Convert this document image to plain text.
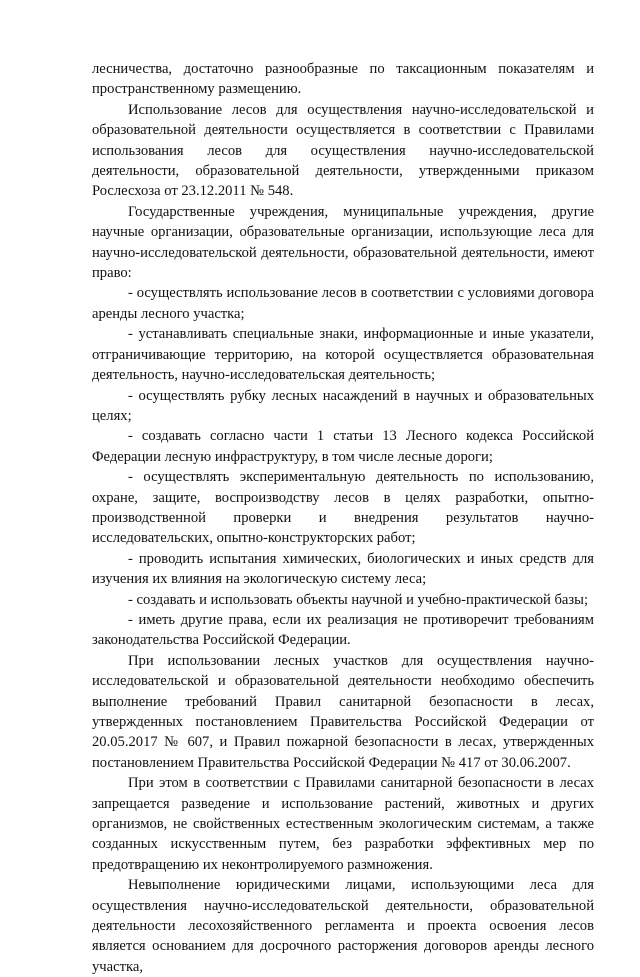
лесничества, достаточно разнообразные по таксационным показателям и пространственному размещению.

Использование лесов для осуществления научно-исследовательской и образовательной деятельности осуществляется в соответствии с Правилами использования лесов для осуществления научно-исследовательской деятельности, образовательной деятельности, утвержденными приказом Рослесхоза от 23.12.2011 № 548.

Государственные учреждения, муниципальные учреждения, другие научные организации, образовательные организации, использующие леса для научно-исследовательской деятельности, образовательной деятельности, имеют право:

- осуществлять использование лесов в соответствии с условиями договора аренды лесного участка;

- устанавливать специальные знаки, информационные и иные указатели, отграничивающие территорию, на которой осуществляется образовательная деятельность, научно-исследовательская деятельность;

- осуществлять рубку лесных насаждений в научных и образовательных целях;

- создавать согласно части 1 статьи 13 Лесного кодекса Российской Федерации лесную инфраструктуру, в том числе лесные дороги;

- осуществлять экспериментальную деятельность по использованию, охране, защите, воспроизводству лесов в целях разработки, опытно-производственной проверки и внедрения результатов научно-исследовательских, опытно-конструкторских работ;

- проводить испытания химических, биологических и иных средств для изучения их влияния на экологическую систему леса;

- создавать и использовать объекты научной и учебно-практической базы;

- иметь другие права, если их реализация не противоречит требованиям законодательства Российской Федерации.

При использовании лесных участков для осуществления научно-исследовательской и образовательной деятельности необходимо обеспечить выполнение требований Правил санитарной безопасности в лесах, утвержденных постановлением Правительства Российской Федерации от 20.05.2017 № 607, и Правил пожарной безопасности в лесах, утвержденных постановлением Правительства Российской Федерации № 417 от 30.06.2007.

При этом в соответствии с Правилами санитарной безопасности в лесах запрещается разведение и использование растений, животных и других организмов, не свойственных естественным экологическим системам, а также созданных искусственным путем, без разработки эффективных мер по предотвращению их неконтролируемого размножения.

Невыполнение юридическими лицами, использующими леса для осуществления научно-исследовательской деятельности, образовательной деятельности лесохозяйственного регламента и проекта освоения лесов является основанием для досрочного расторжения договоров аренды лесного участка,
